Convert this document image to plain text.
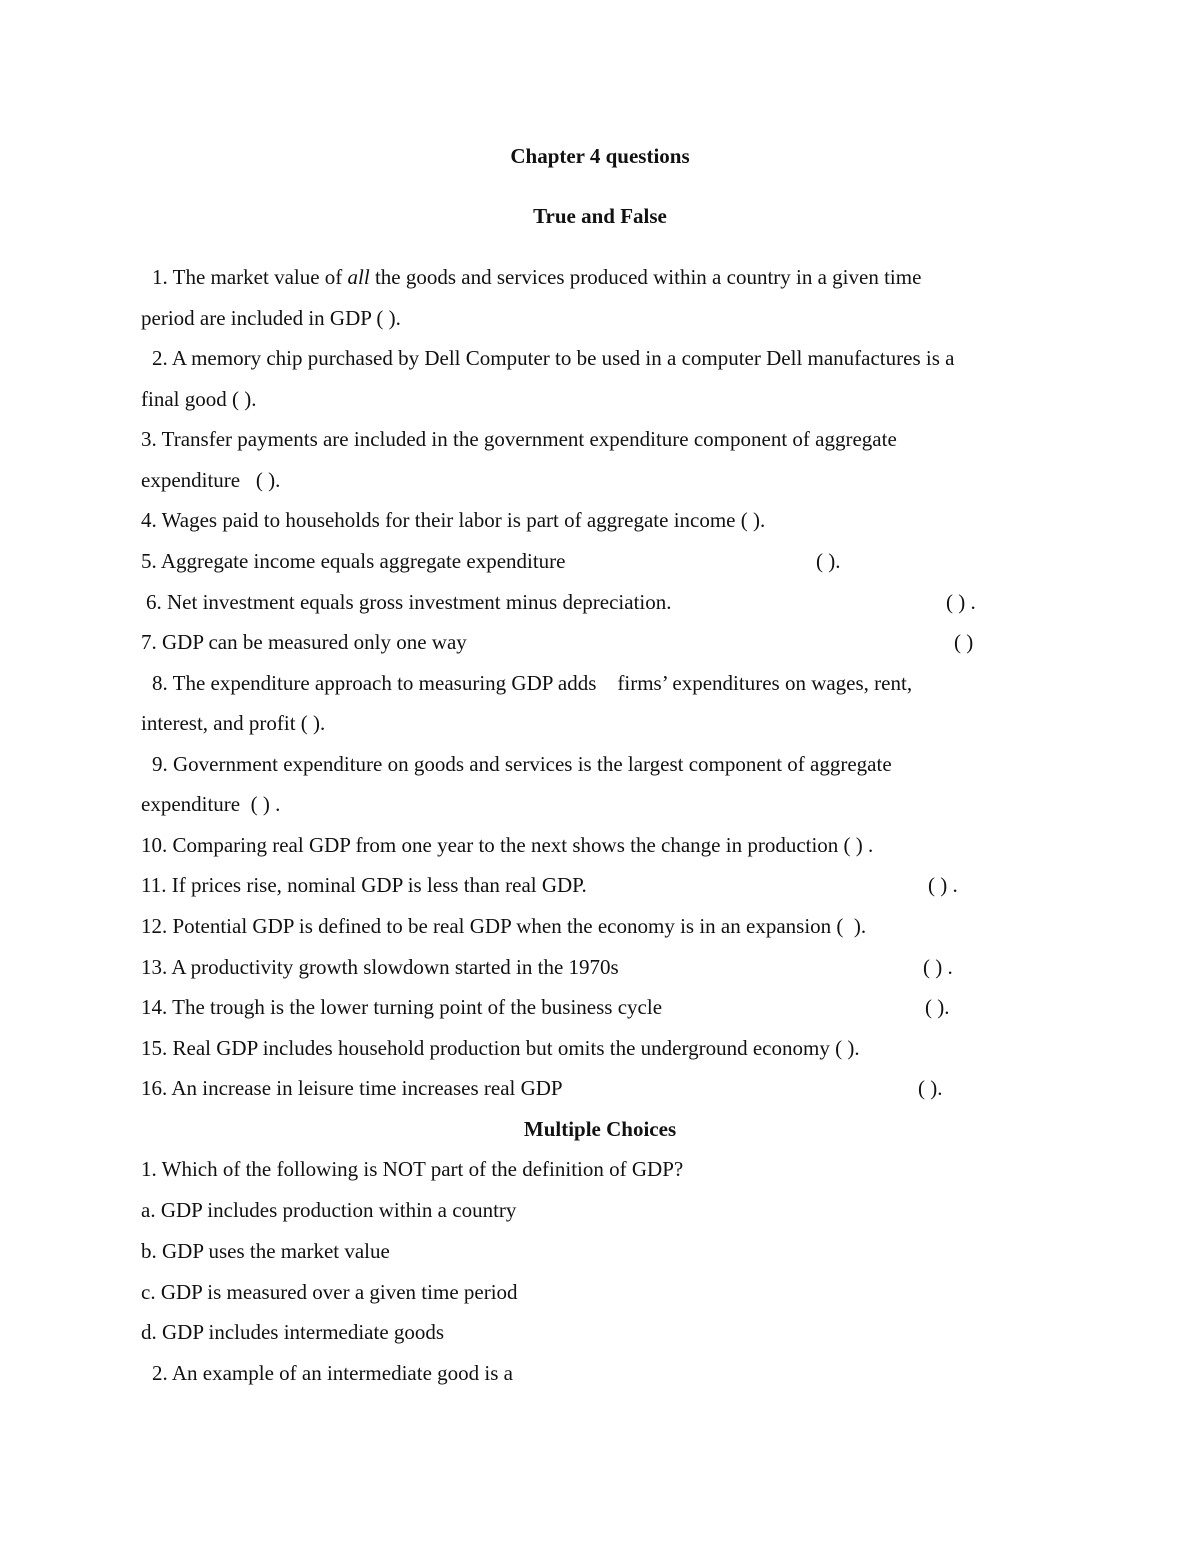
Chapter 4 questions
True and False
1. The market value of all the goods and services produced within a country in a given time
period are included in GDP ( ).
2. A memory chip purchased by Dell Computer to be used in a computer Dell manufactures is a
final good ( ).
3. Transfer payments are included in the government expenditure component of aggregate
expenditure   ( ).
4. Wages paid to households for their labor is part of aggregate income ( ).
5. Aggregate income equals aggregate expenditure	( ).
6. Net investment equals gross investment minus depreciation.	( ) .
7. GDP can be measured only one way	( )
8. The expenditure approach to measuring GDP adds    firms’ expenditures on wages, rent,
interest, and profit ( ).
9. Government expenditure on goods and services is the largest component of aggregate
expenditure  ( ) .
10. Comparing real GDP from one year to the next shows the change in production ( ) .
11. If prices rise, nominal GDP is less than real GDP.	( ) .
12. Potential GDP is defined to be real GDP when the economy is in an expansion (  ).
13. A productivity growth slowdown started in the 1970s	( ) .
14. The trough is the lower turning point of the business cycle	( ).
15. Real GDP includes household production but omits the underground economy ( ).
16. An increase in leisure time increases real GDP	( ).
Multiple Choices
1. Which of the following is NOT part of the definition of GDP?
a. GDP includes production within a country
b. GDP uses the market value
c. GDP is measured over a given time period
d. GDP includes intermediate goods
2. An example of an intermediate good is a
